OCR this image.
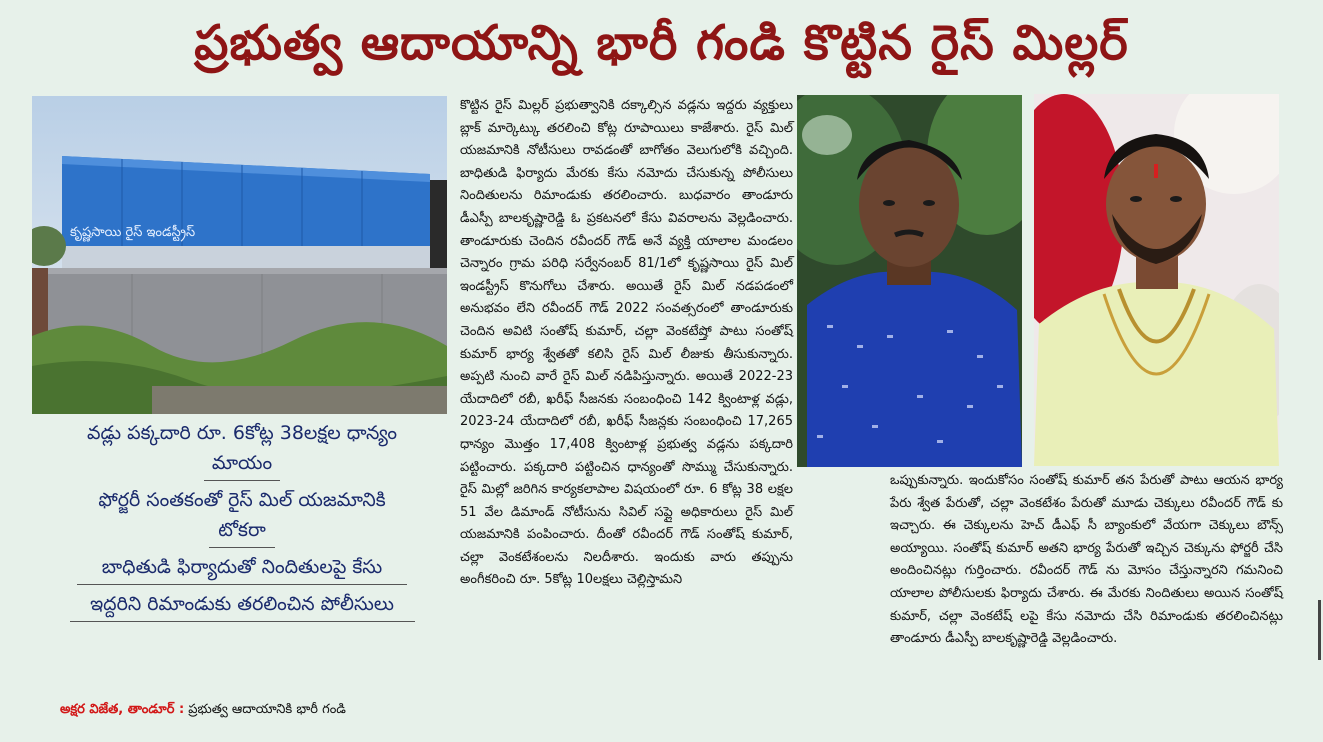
ప్రభుత్వ ఆదాయాన్ని భారీ గండి కొట్టిన రైస్ మిల్లర్
కృష్ణసాయి రైస్ ఇండస్ట్రీస్
వడ్లు పక్కదారి రూ. 6కోట్ల 38లక్షల ధాన్యం
మాయం
ఫోర్జరీ సంతకంతో రైస్ మిల్ యజమానికి
టోకరా
బాధితుడి ఫిర్యాదుతో నిందితులపై కేసు
ఇద్దరిని రిమాండుకు తరలించిన పోలీసులు
అక్షర విజేత, తాండూర్ : ప్రభుత్వ ఆదాయానికి భారీ గండి

కొట్టిన రైస్ మిల్లర్ ప్రభుత్వానికి దక్కాల్సిన వడ్లను ఇద్దరు వ్యక్తులు బ్లాక్ మార్కెట్కు తరలించి కోట్ల రూపాయిలు కాజేశారు. రైస్ మిల్ యజమానికి నోటీసులు రావడంతో బాగోతం వెలుగులోకి వచ్చింది. బాధితుడి ఫిర్యాదు మేరకు కేసు నమోదు చేసుకున్న పోలీసులు నిందితులను రిమాండుకు తరలించారు. బుధవారం తాండూరు డీఎస్పీ బాలకృష్ణారెడ్డి ఓ ప్రకటనలో కేసు వివరాలను వెల్లడించారు. తాండూరుకు చెందిన రవీందర్ గౌడ్ అనే వ్యక్తి యాలాల మండలం చెన్నారం గ్రామ పరిధి సర్వేనంబర్ 81/1లో కృష్ణసాయి రైస్ మిల్ ఇండస్ట్రీస్ కొనుగోలు చేశారు. అయితే రైస్ మిల్ నడపడంలో అనుభవం లేని రవీందర్ గౌడ్ 2022 సంవత్సరంలో తాండూరుకు చెందిన అవిటి సంతోష్ కుమార్, చల్లా వెంకటేష్తో పాటు సంతోష్ కుమార్ భార్య శ్వేతతో కలిసి రైస్ మిల్ లీజుకు తీసుకున్నారు. అప్పటి నుంచి వారే రైస్ మిల్ నడిపిస్తున్నారు. అయితే 2022-23 యేదాదిలో రబీ, ఖరీఫ్ సీజనకు సంబంధించి 142 క్వింటాళ్ల వడ్లు, 2023-24 యేదాదిలో రబీ, ఖరీఫ్ సీజన్లకు సంబంధించి 17,265 ధాన్యం మొత్తం 17,408 క్వింటాళ్ల ప్రభుత్వ వడ్లను పక్కదారి పట్టించారు. పక్కదారి పట్టించిన ధాన్యంతో సొమ్ము చేసుకున్నారు. రైస్ మిల్లో జరిగిన కార్యకలాపాల విషయంలో రూ. 6 కోట్ల 38 లక్షల 51 వేల డిమాండ్ నోటీసును సివిల్ సప్లై అధికారులు రైస్ మిల్ యజమానికి పంపించారు. దీంతో రవీందర్ గౌడ్ సంతోష్ కుమార్, చల్లా వెంకటేశంలను నిలదీశారు. ఇందుకు వారు తప్పును అంగీకరించి రూ. 5కోట్ల 10లక్షలు చెల్లిస్తామని

ఒప్పుకున్నారు. ఇందుకోసం సంతోష్ కుమార్ తన పేరుతో పాటు ఆయన భార్య పేరు శ్వేత పేరుతో, చల్లా వెంకటేశం పేరుతో మూడు చెక్కులు రవీందర్ గౌడ్ కు ఇచ్చారు. ఈ చెక్కులను హెచ్ డీఎఫ్ సీ బ్యాంకులో వేయగా చెక్కులు బౌన్స్ అయ్యాయి. సంతోష్ కుమార్ అతని భార్య పేరుతో ఇచ్చిన చెక్కును ఫోర్జరీ చేసి అందించినట్లు గుర్తించారు. రవీందర్ గౌడ్ ను మోసం చేస్తున్నారని గమనించి యాలాల పోలీసులకు ఫిర్యాదు చేశారు. ఈ మేరకు నిందితులు అయిన సంతోష్ కుమార్, చల్లా వెంకటేష్ లపై కేసు నమోదు చేసి రిమాండుకు తరలించినట్లు తాండూరు డీఎస్పీ బాలకృష్ణారెడ్డి వెల్లడించారు.
